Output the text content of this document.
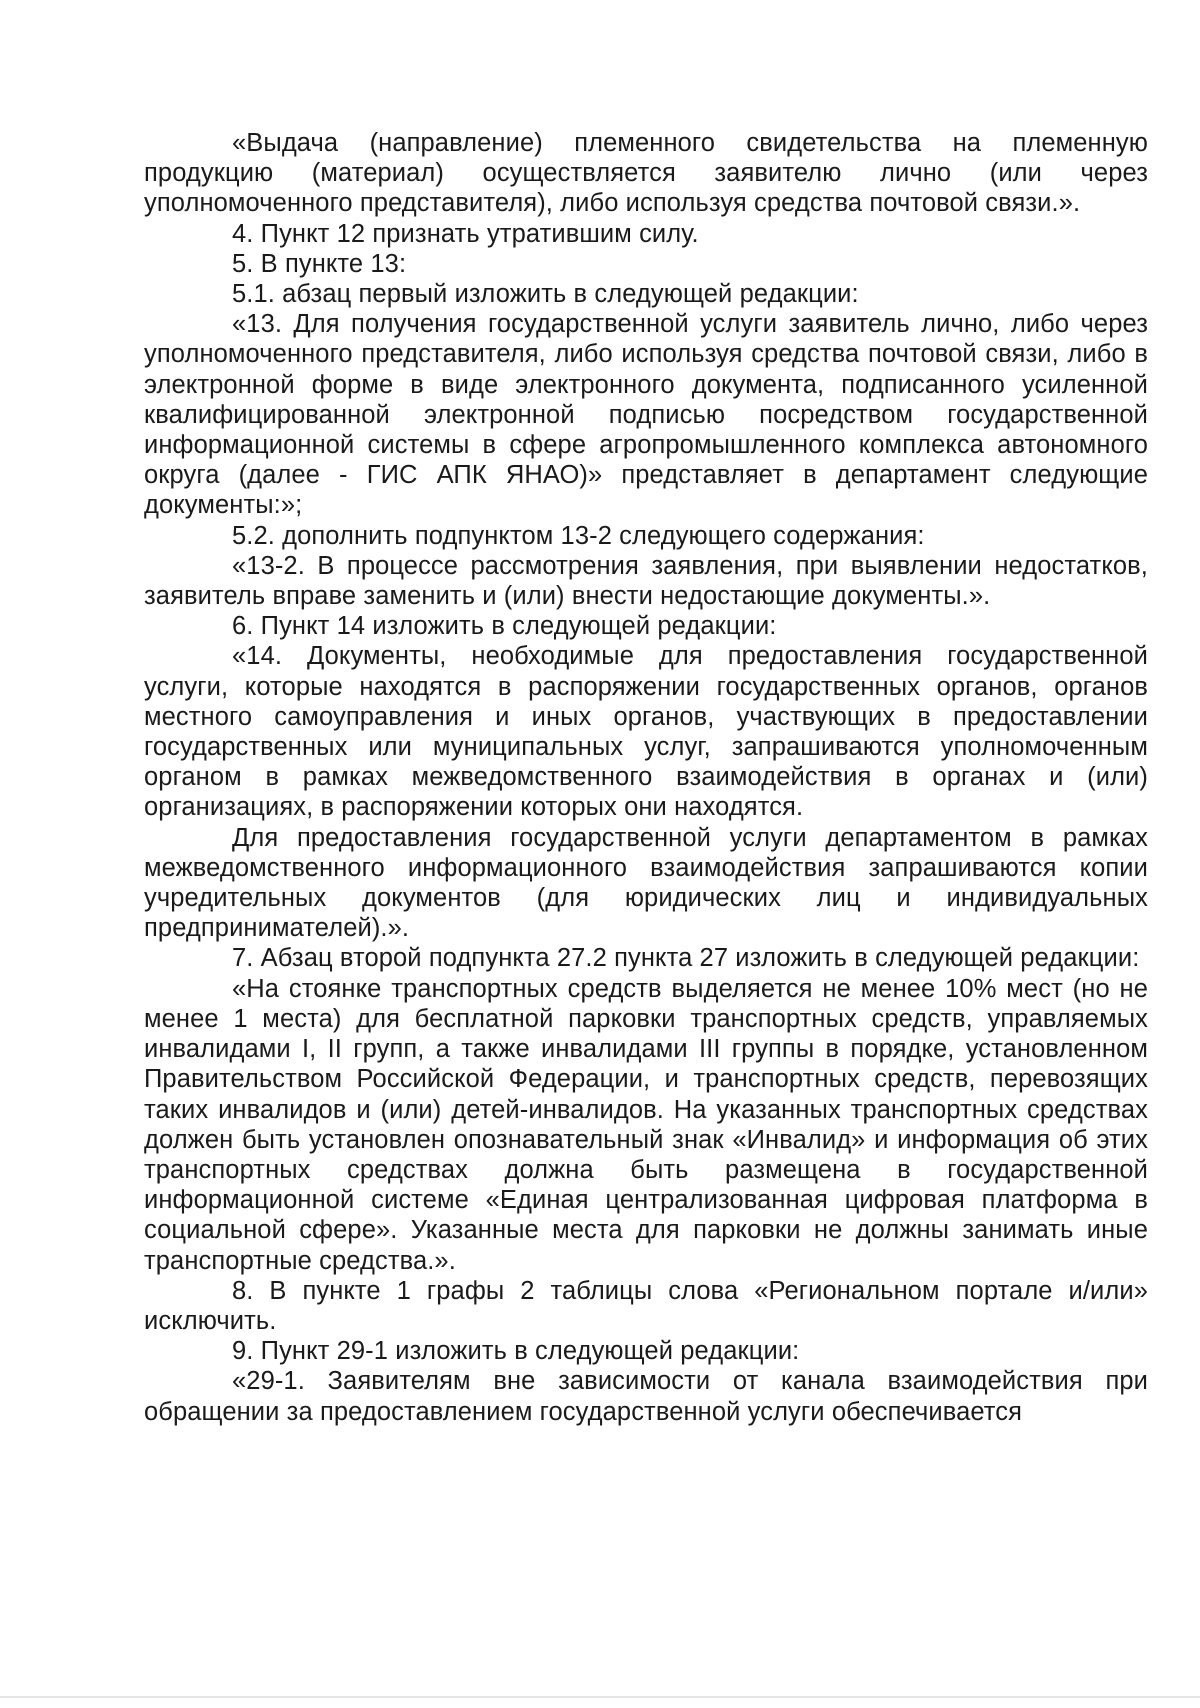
«Выдача (направление) племенного свидетельства на племенную продукцию (материал) осуществляется заявителю лично (или через уполномоченного представителя), либо используя средства почтовой связи.».

4. Пункт 12 признать утратившим силу.

5. В пункте 13:

5.1. абзац первый изложить в следующей редакции:

«13. Для получения государственной услуги заявитель лично, либо через уполномоченного представителя, либо используя средства почтовой связи, либо в электронной форме в виде электронного документа, подписанного усиленной квалифицированной электронной подписью посредством государственной информационной системы в сфере агропромышленного комплекса автономного округа (далее - ГИС АПК ЯНАО)» представляет в департамент следующие документы:»;

5.2. дополнить подпунктом 13-2 следующего содержания:

«13-2. В процессе рассмотрения заявления, при выявлении недостатков, заявитель вправе заменить и (или) внести недостающие документы.».

6. Пункт 14 изложить в следующей редакции:

«14. Документы, необходимые для предоставления государственной услуги, которые находятся в распоряжении государственных органов, органов местного самоуправления и иных органов, участвующих в предоставлении государственных или муниципальных услуг, запрашиваются уполномоченным органом в рамках межведомственного взаимодействия в органах и (или) организациях, в распоряжении которых они находятся.

Для предоставления государственной услуги департаментом в рамках межведомственного информационного взаимодействия запрашиваются копии учредительных документов (для юридических лиц и индивидуальных предпринимателей).».

7. Абзац второй подпункта 27.2 пункта 27 изложить в следующей редакции:

«На стоянке транспортных средств выделяется не менее 10% мест (но не менее 1 места) для бесплатной парковки транспортных средств, управляемых инвалидами I, II групп, а также инвалидами III группы в порядке, установленном Правительством Российской Федерации, и транспортных средств, перевозящих таких инвалидов и (или) детей-инвалидов. На указанных транспортных средствах должен быть установлен опознавательный знак «Инвалид» и информация об этих транспортных средствах должна быть размещена в государственной информационной системе «Единая централизованная цифровая платформа в социальной сфере». Указанные места для парковки не должны занимать иные транспортные средства.».

8. В пункте 1 графы 2 таблицы слова «Региональном портале и/или» исключить.

9. Пункт 29-1 изложить в следующей редакции:

«29-1. Заявителям вне зависимости от канала взаимодействия при обращении за предоставлением государственной услуги обеспечивается
